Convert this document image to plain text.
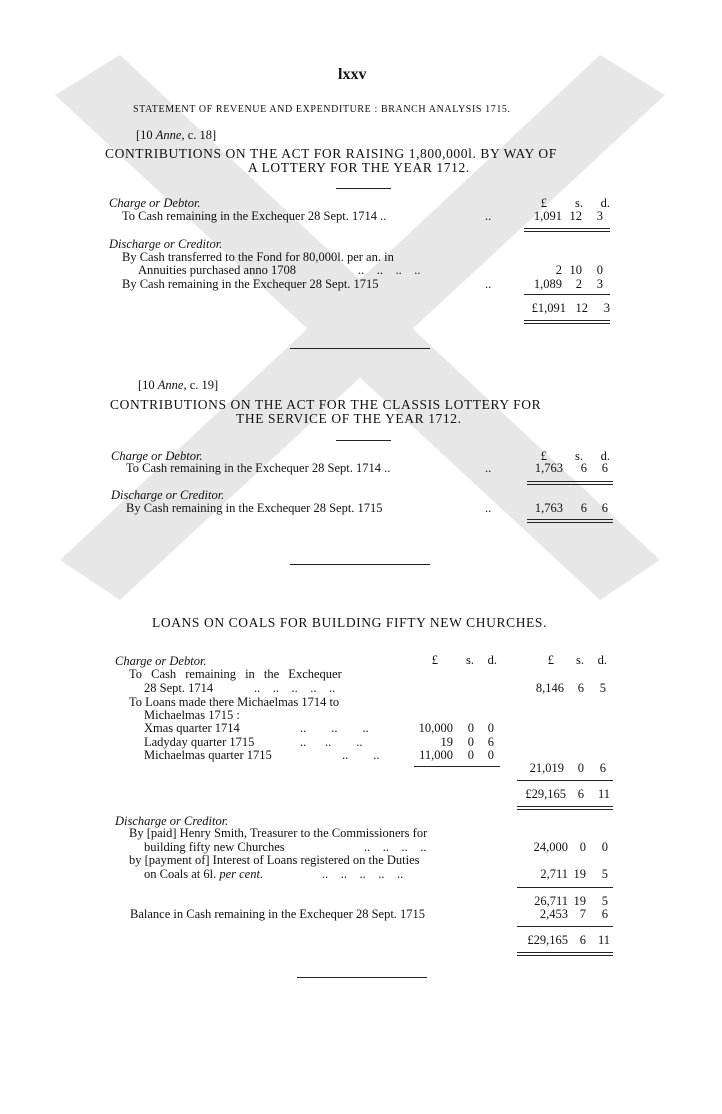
lxxv
STATEMENT OF REVENUE AND EXPENDITURE : BRANCH ANALYSIS 1715.
[10 Anne, c. 18]
CONTRIBUTIONS ON THE ACT FOR RAISING 1,800,000l. BY WAY OF
A LOTTERY FOR THE YEAR 1712.
£	s.	d.
Charge or Debtor.
To Cash remaining in the Exchequer 28 Sept. 1714 ..	..	1,091 12	3
Discharge or Creditor.
By Cash transferred to the Fond for 80,000l. per an. in
Annuities purchased anno 1708	..    ..    ..    ..	2 10	0
By Cash remaining in the Exchequer 28 Sept. 1715	..	1,089	2	3
£1,091 12	3
[10 Anne, c. 19]
CONTRIBUTIONS ON THE ACT FOR THE CLASSIS LOTTERY FOR
THE SERVICE OF THE YEAR 1712.
£	s.	d.
Charge or Debtor.
To Cash remaining in the Exchequer 28 Sept. 1714 ..	..	1,763	6	6
Discharge or Creditor.
By Cash remaining in the Exchequer 28 Sept. 1715	..	1,763	6	6
LOANS ON COALS FOR BUILDING FIFTY NEW CHURCHES.
Charge or Debtor.	£	s.	d.	£	s.	d.
To Cash remaining in the Exchequer
28 Sept. 1714	..    ..    ..    ..    ..	8,146	6	5
To Loans made there Michaelmas 1714 to
Michaelmas 1715 :
Xmas quarter 1714	..        ..        ..	10,000	0	0
Ladyday quarter 1715	..      ..        ..	19	0	6
Michaelmas quarter 1715	..        ..	11,000	0	0
21,019	0	6
£29,165 6	11
Discharge or Creditor.
By [paid] Henry Smith, Treasurer to the Commissioners for
building fifty new Churches	..    ..    ..    ..	24,000 0	0
by [payment of] Interest of Loans registered on the Duties
on Coals at 6l. per cent.	..    ..    ..    ..    ..	2,711 19	5
26,711 19	5
Balance in Cash remaining in the Exchequer 28 Sept. 1715	2,453 7	6
£29,165 6 11
